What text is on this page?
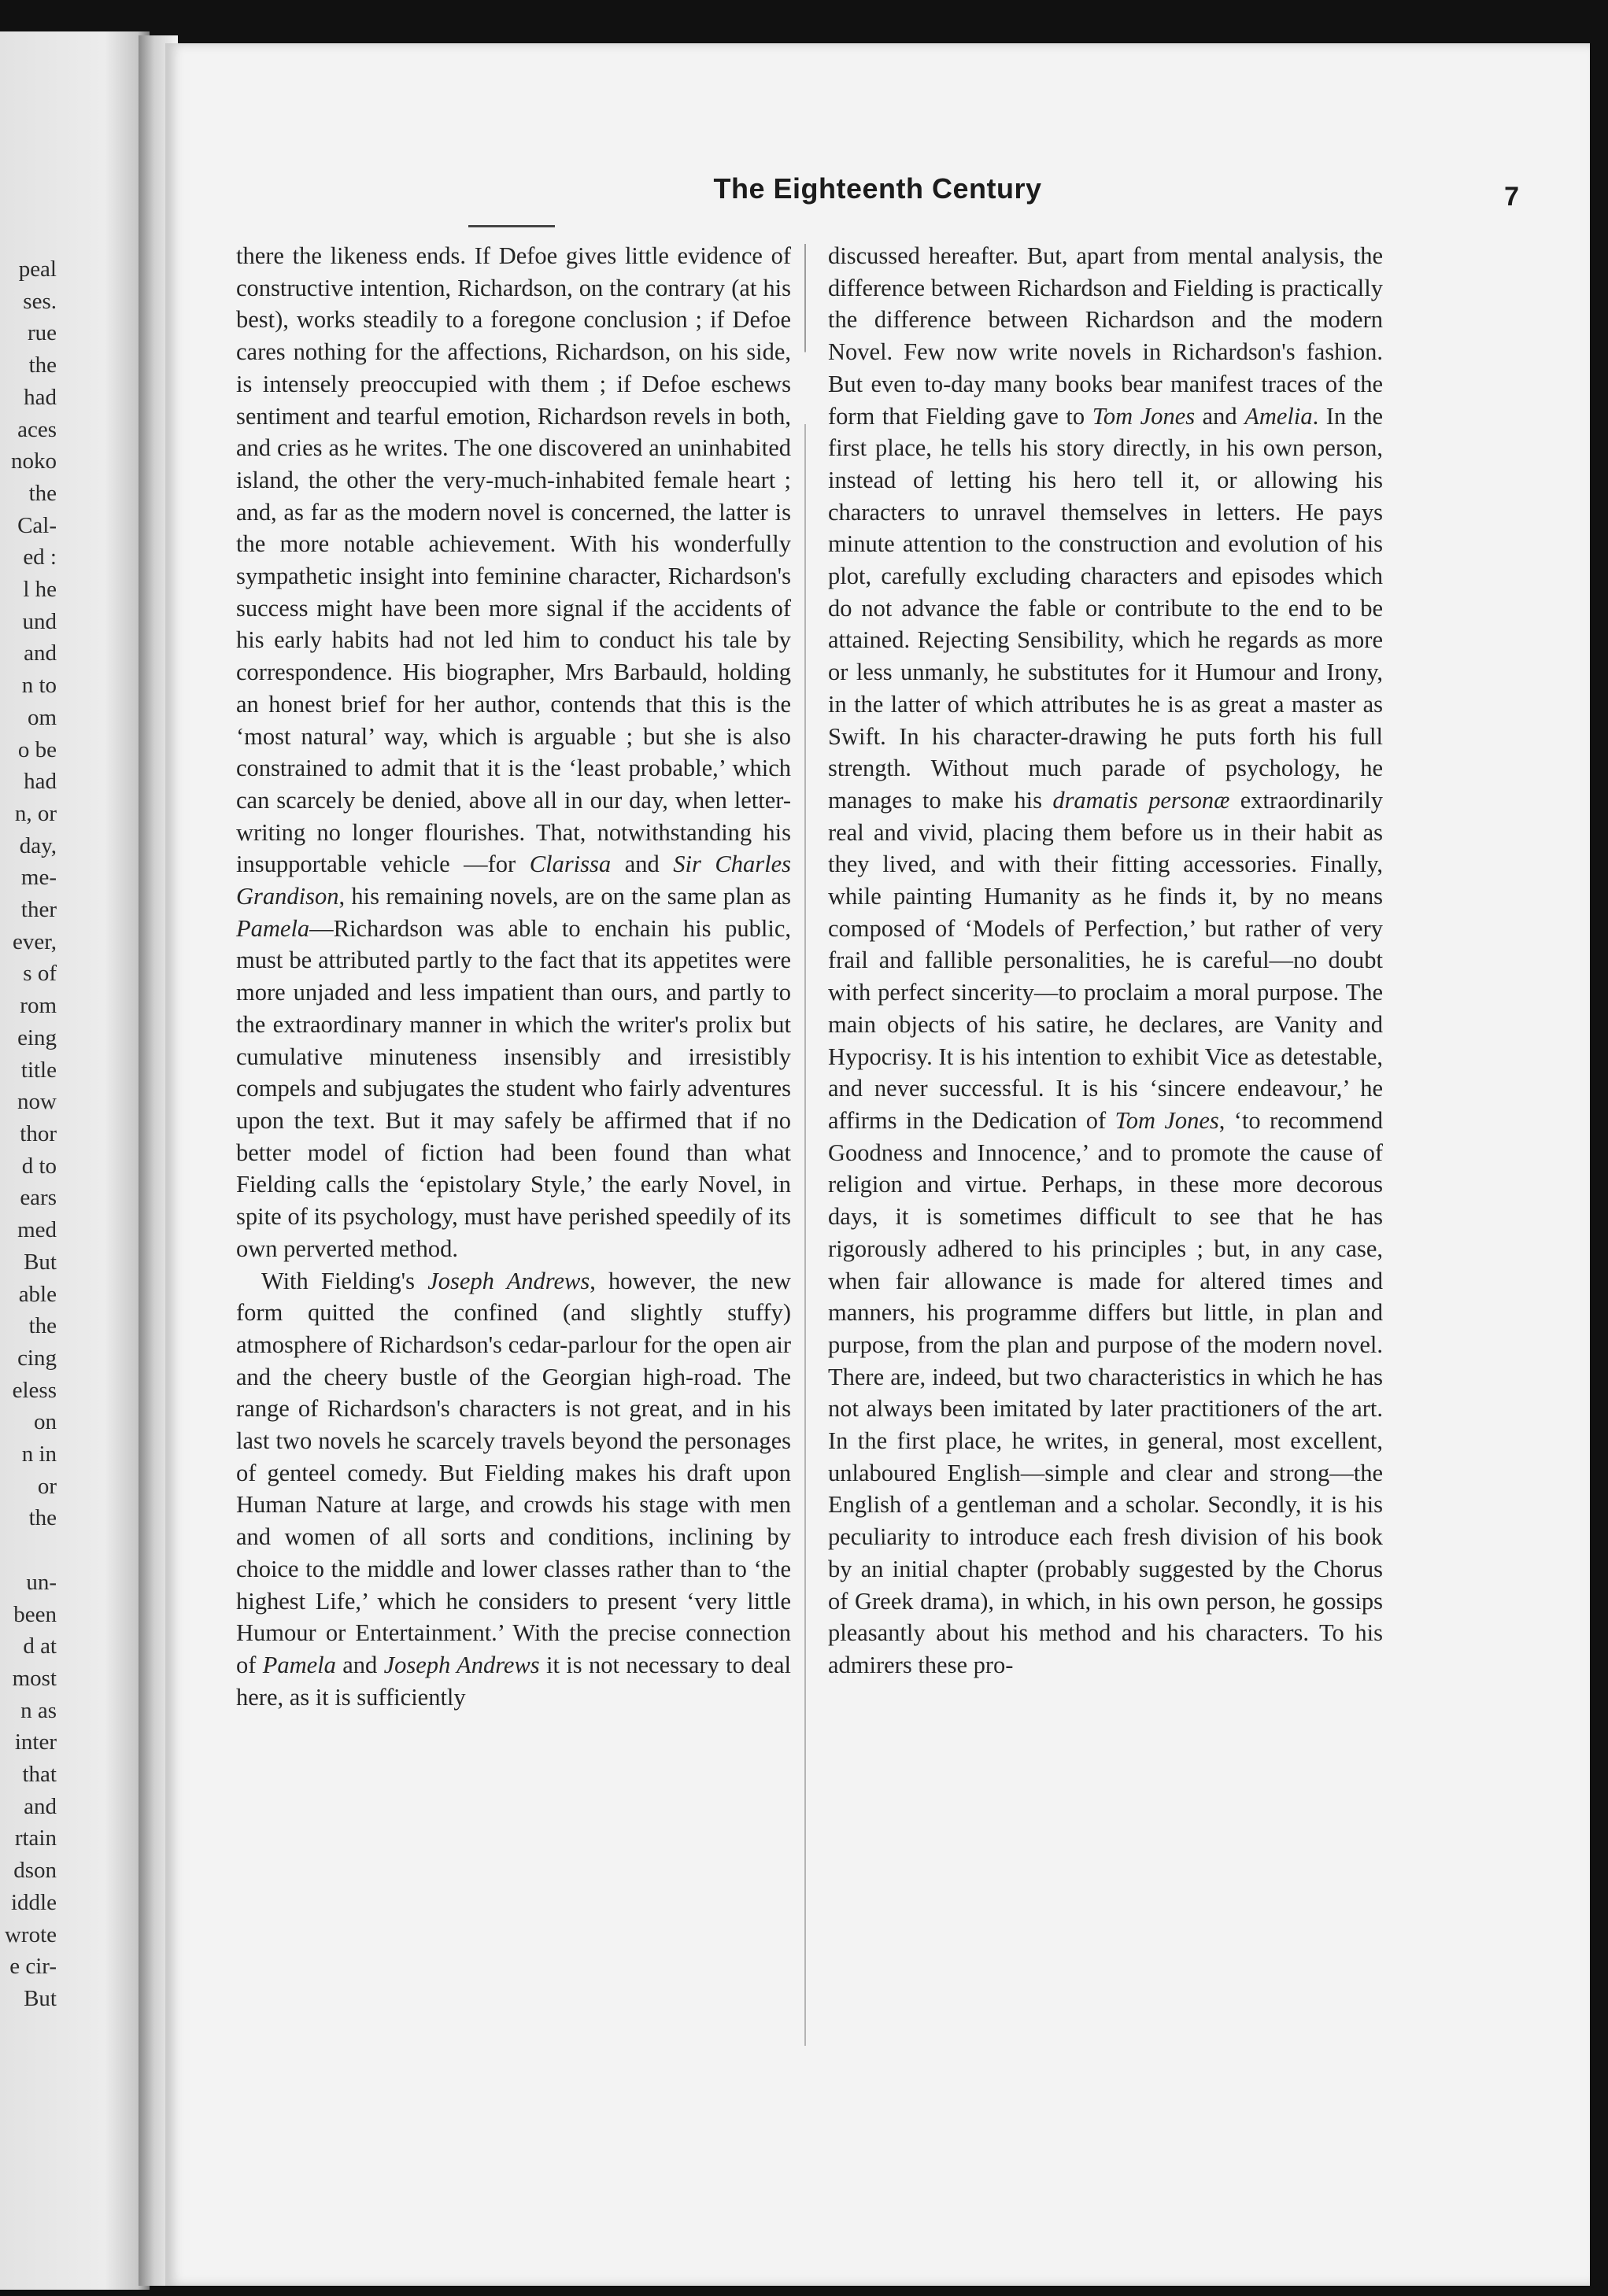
peal
ses.
rue
the
had
aces
noko
the
Cal-
ed :
l he
und
and
n to
om
o be
had
n, or
day,
me-
ther
ever,
s of
rom
eing
title
now
thor
d to
ears
med
But
able
the
cing
eless
on
n in
or
the

un-
been
d at
most
n as
inter
that
and
rtain
dson
iddle
wrote
e cir-
But
The Eighteenth Century	7

there the likeness ends. If Defoe gives little evidence of constructive intention, Richardson, on the contrary (at his best), works steadily to a foregone conclusion ; if Defoe cares nothing for the affections, Richardson, on his side, is intensely preoccupied with them ; if Defoe eschews sentiment and tearful emotion, Richardson revels in both, and cries as he writes. The one discovered an uninhabited island, the other the very-much-inhabited female heart ; and, as far as the modern novel is concerned, the latter is the more notable achievement. With his wonderfully sympathetic insight into feminine character, Richardson's success might have been more signal if the accidents of his early habits had not led him to conduct his tale by correspondence. His biographer, Mrs Barbauld, holding an honest brief for her author, contends that this is the ‘most natural’ way, which is arguable ; but she is also constrained to admit that it is the ‘least probable,’ which can scarcely be denied, above all in our day, when letter-writing no longer flourishes. That, notwithstanding his insupportable vehicle —for Clarissa and Sir Charles Grandison, his remaining novels, are on the same plan as Pamela—Richardson was able to enchain his public, must be attributed partly to the fact that its appetites were more unjaded and less impatient than ours, and partly to the extraordinary manner in which the writer's prolix but cumulative minuteness insensibly and irresistibly compels and subjugates the student who fairly adventures upon the text. But it may safely be affirmed that if no better model of fiction had been found than what Fielding calls the ‘epistolary Style,’ the early Novel, in spite of its psychology, must have perished speedily of its own perverted method.

With Fielding's Joseph Andrews, however, the new form quitted the confined (and slightly stuffy) atmosphere of Richardson's cedar-parlour for the open air and the cheery bustle of the Georgian high-road. The range of Richardson's characters is not great, and in his last two novels he scarcely travels beyond the personages of genteel comedy. But Fielding makes his draft upon Human Nature at large, and crowds his stage with men and women of all sorts and conditions, inclining by choice to the middle and lower classes rather than to ‘the highest Life,’ which he considers to present ‘very little Humour or Entertainment.’ With the precise connection of Pamela and Joseph Andrews it is not necessary to deal here, as it is sufficiently

discussed hereafter. But, apart from mental analysis, the difference between Richardson and Fielding is practically the difference between Richardson and the modern Novel. Few now write novels in Richardson's fashion. But even to-day many books bear manifest traces of the form that Fielding gave to Tom Jones and Amelia. In the first place, he tells his story directly, in his own person, instead of letting his hero tell it, or allowing his characters to unravel themselves in letters. He pays minute attention to the construction and evolution of his plot, carefully excluding characters and episodes which do not advance the fable or contribute to the end to be attained. Rejecting Sensibility, which he regards as more or less unmanly, he substitutes for it Humour and Irony, in the latter of which attributes he is as great a master as Swift. In his character-drawing he puts forth his full strength. Without much parade of psychology, he manages to make his dramatis personæ extraordinarily real and vivid, placing them before us in their habit as they lived, and with their fitting accessories. Finally, while painting Humanity as he finds it, by no means composed of ‘Models of Perfection,’ but rather of very frail and fallible personalities, he is careful—no doubt with perfect sincerity—to proclaim a moral purpose. The main objects of his satire, he declares, are Vanity and Hypocrisy. It is his intention to exhibit Vice as detestable, and never successful. It is his ‘sincere endeavour,’ he affirms in the Dedication of Tom Jones, ‘to recommend Goodness and Innocence,’ and to promote the cause of religion and virtue. Perhaps, in these more decorous days, it is sometimes difficult to see that he has rigorously adhered to his principles ; but, in any case, when fair allowance is made for altered times and manners, his programme differs but little, in plan and purpose, from the plan and purpose of the modern novel. There are, indeed, but two characteristics in which he has not always been imitated by later practitioners of the art. In the first place, he writes, in general, most excellent, unlaboured English—simple and clear and strong—the English of a gentleman and a scholar. Secondly, it is his peculiarity to introduce each fresh division of his book by an initial chapter (probably suggested by the Chorus of Greek drama), in which, in his own person, he gossips pleasantly about his method and his characters. To his admirers these pro-
